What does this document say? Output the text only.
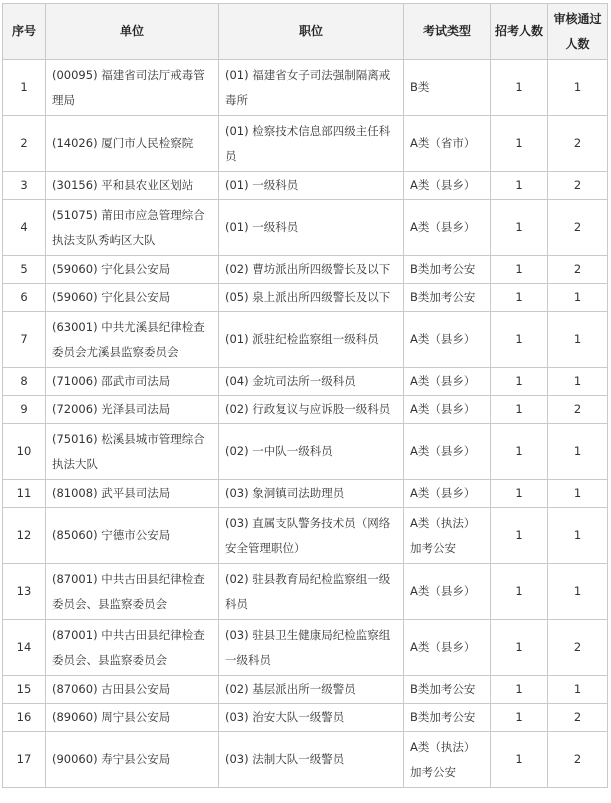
序号	单位	职位	考试类型	招考人数	审核通过人数
1	(00095) 福建省司法厅戒毒管理局	(01) 福建省女子司法强制隔离戒毒所	B类	1	1
2	(14026) 厦门市人民检察院	(01) 检察技术信息部四级主任科员	A类（省市）	1	2
3	(30156) 平和县农业区划站	(01) 一级科员	A类（县乡）	1	2
4	(51075) 莆田市应急管理综合执法支队秀屿区大队	(01) 一级科员	A类（县乡）	1	2
5	(59060) 宁化县公安局	(02) 曹坊派出所四级警长及以下	B类加考公安	1	2
6	(59060) 宁化县公安局	(05) 泉上派出所四级警长及以下	B类加考公安	1	1
7	(63001) 中共尤溪县纪律检查委员会尤溪县监察委员会	(01) 派驻纪检监察组一级科员	A类（县乡）	1	1
8	(71006) 邵武市司法局	(04) 金坑司法所一级科员	A类（县乡）	1	1
9	(72006) 光泽县司法局	(02) 行政复议与应诉股一级科员	A类（县乡）	1	2
10	(75016) 松溪县城市管理综合执法大队	(02) 一中队一级科员	A类（县乡）	1	1
11	(81008) 武平县司法局	(03) 象洞镇司法助理员	A类（县乡）	1	1
12	(85060) 宁德市公安局	(03) 直属支队警务技术员（网络安全管理职位）	A类（执法）加考公安	1	1
13	(87001) 中共古田县纪律检查委员会、县监察委员会	(02) 驻县教育局纪检监察组一级科员	A类（县乡）	1	1
14	(87001) 中共古田县纪律检查委员会、县监察委员会	(03) 驻县卫生健康局纪检监察组一级科员	A类（县乡）	1	2
15	(87060) 古田县公安局	(02) 基层派出所一级警员	B类加考公安	1	1
16	(89060) 周宁县公安局	(03) 治安大队一级警员	B类加考公安	1	2
17	(90060) 寿宁县公安局	(03) 法制大队一级警员	A类（执法）加考公安	1	2
